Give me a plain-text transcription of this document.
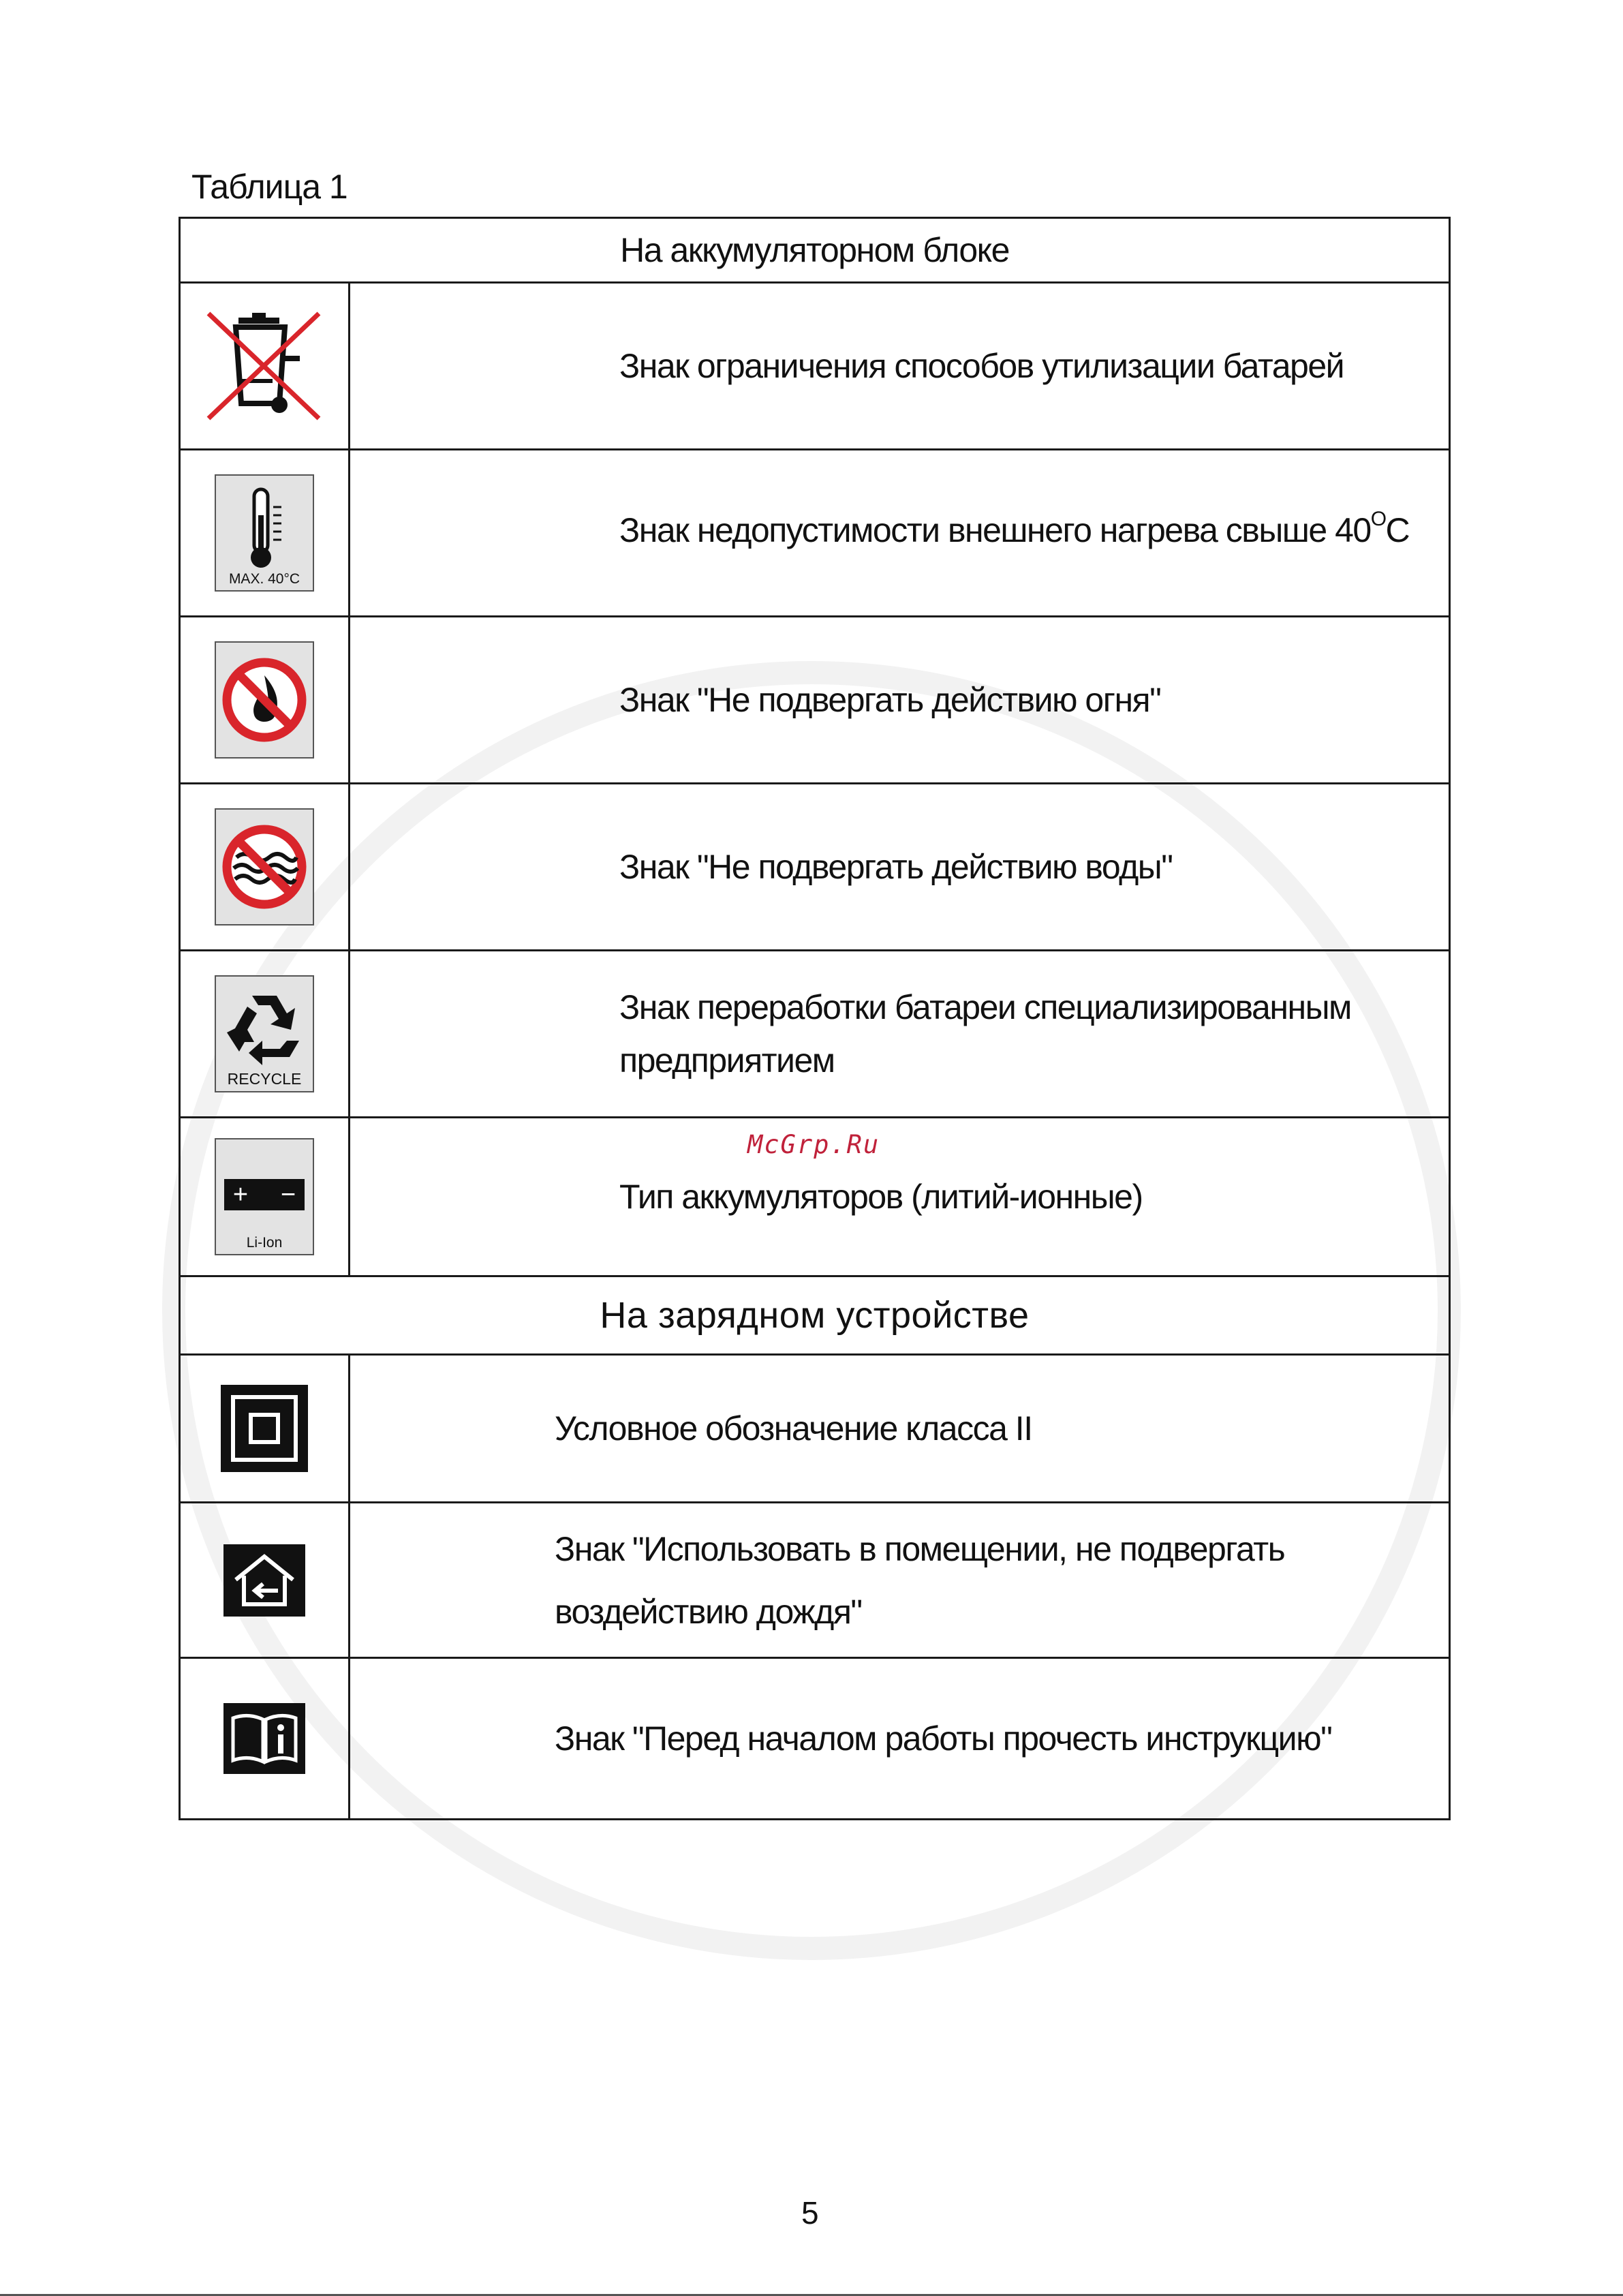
Таблица 1
На аккумуляторном блоке	

	Знак ограничения способов утилизации батарей

MAX. 40°C	Знак недопустимости внешнего нагрева свыше $40^OC$

	Знак "Не подвергать действию огня"

	Знак "Не подвергать действию воды"

RECYCLE	Знак переработки батареи специализированным
предприятием

+ −
Li-Ion	Тип аккумуляторов (литий-ионные)
На зарядном устройстве	

	Условное обозначение класса II

Знак "Использовать в помещении, не подвергать
воздействию дождя"

	Знак "Перед началом работы прочесть инструкцию"
McGrp.Ru
5
